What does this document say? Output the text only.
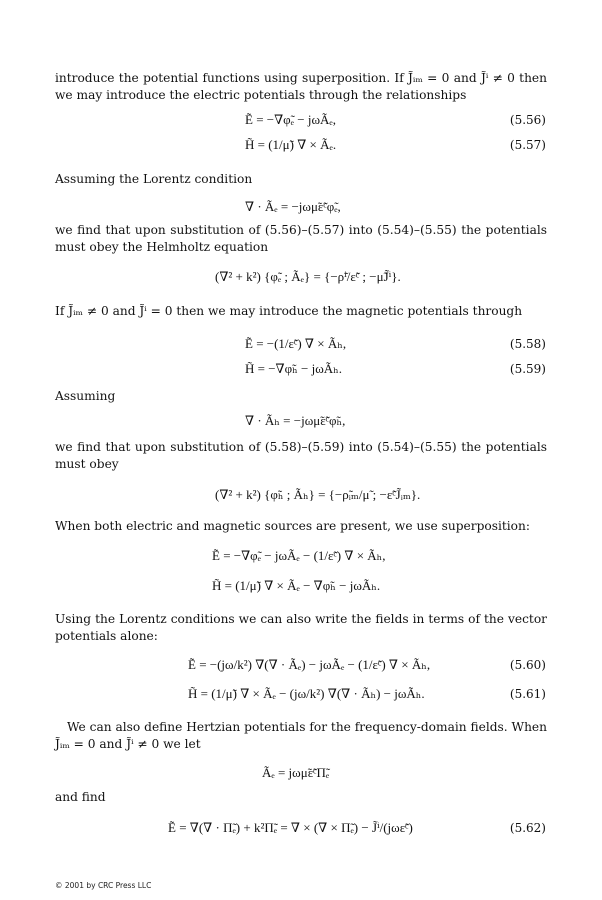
introduce the potential functions using superposition. If J̃ᵢₘ = 0 and J̃ⁱ ≠ 0 then we may introduce the electric potentials through the relationships
Ẽ = −∇φ̃ₑ − jωÃₑ,	(5.56)
H̃ = (1/μ̃) ∇ × Ãₑ.	(5.57)
Assuming the Lorentz condition
∇ · Ãₑ = −jωμ̃ε̃ᶜφ̃ₑ,
we find that upon substitution of (5.56)–(5.57) into (5.54)–(5.55) the potentials must obey the Helmholtz equation
(∇² + k²) {φ̃ₑ ; Ãₑ} = {−ρ̃ⁱ/ε̃ᶜ ; −μ̃J̃ⁱ}.
If J̃ᵢₘ ≠ 0 and J̃ⁱ = 0 then we may introduce the magnetic potentials through
Ẽ = −(1/ε̃ᶜ) ∇ × Ãₕ,	(5.58)
H̃ = −∇φ̃ₕ − jωÃₕ.	(5.59)
Assuming
∇ · Ãₕ = −jωμ̃ε̃ᶜφ̃ₕ,
we find that upon substitution of (5.58)–(5.59) into (5.54)–(5.55) the potentials must obey
(∇² + k²) {φ̃ₕ ; Ãₕ} = {−ρ̃ᵢₘ/μ̃ ; −ε̃ᶜJ̃ᵢₘ}.
When both electric and magnetic sources are present, we use superposition:
Ẽ = −∇φ̃ₑ − jωÃₑ − (1/ε̃ᶜ) ∇ × Ãₕ,
H̃ = (1/μ̃) ∇ × Ãₑ − ∇φ̃ₕ − jωÃₕ.
Using the Lorentz conditions we can also write the fields in terms of the vector potentials alone:
Ẽ = −(jω/k²) ∇(∇ · Ãₑ) − jωÃₑ − (1/ε̃ᶜ) ∇ × Ãₕ,	(5.60)
H̃ = (1/μ̃) ∇ × Ãₑ − (jω/k²) ∇(∇ · Ãₕ) − jωÃₕ.	(5.61)
We can also define Hertzian potentials for the frequency-domain fields. When J̃ᵢₘ = 0 and J̃ⁱ ≠ 0 we let
Ãₑ = jωμ̃ε̃ᶜΠ̃ₑ
and find
Ẽ = ∇(∇ · Π̃ₑ) + k²Π̃ₑ = ∇ × (∇ × Π̃ₑ) − J̃ⁱ/(jωε̃ᶜ)	(5.62)
© 2001 by CRC Press LLC
